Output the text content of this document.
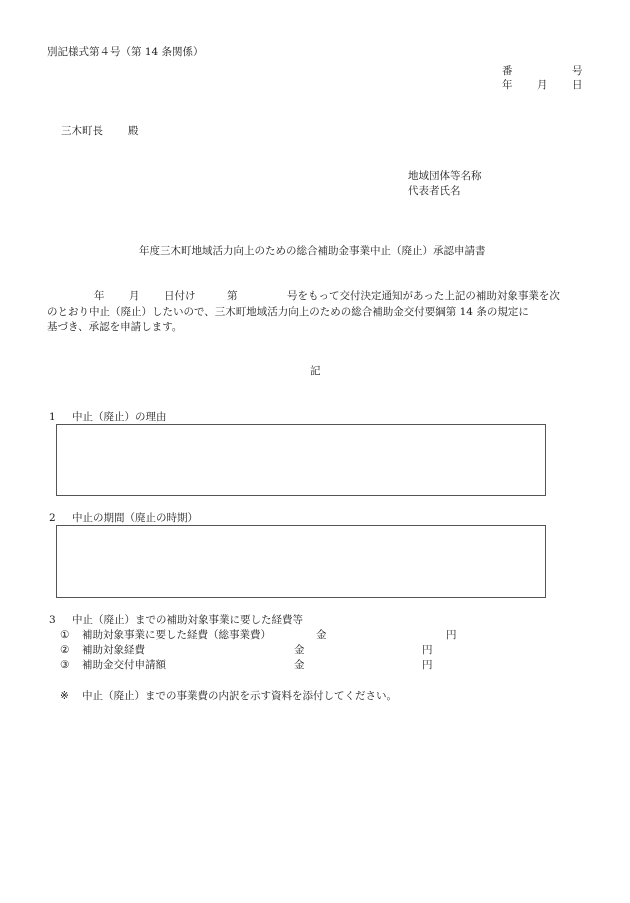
別記様式第４号（第 14 条関係）
番	号
年 月 日
三木町長 殿
地域団体等名称
代表者氏名
年度三木町地域活力向上のための総合補助金事業中止（廃止）承認申請書
年 月 日付け	第	号をもって交付決定通知があった上記の補助対象事業を次
のとおり中止（廃止）したいので、三木町地域活力向上のための総合補助金交付要綱第 14 条の規定に
基づき、承認を申請します。
記
1 中止（廃止）の理由
2 中止の期間（廃止の時期）
3 中止（廃止）までの補助対象事業に要した経費等
① 補助対象事業に要した経費（総事業費）	金	円
② 補助対象経費	金	円
③ 補助金交付申請額	金	円
※ 中止（廃止）までの事業費の内訳を示す資料を添付してください。
